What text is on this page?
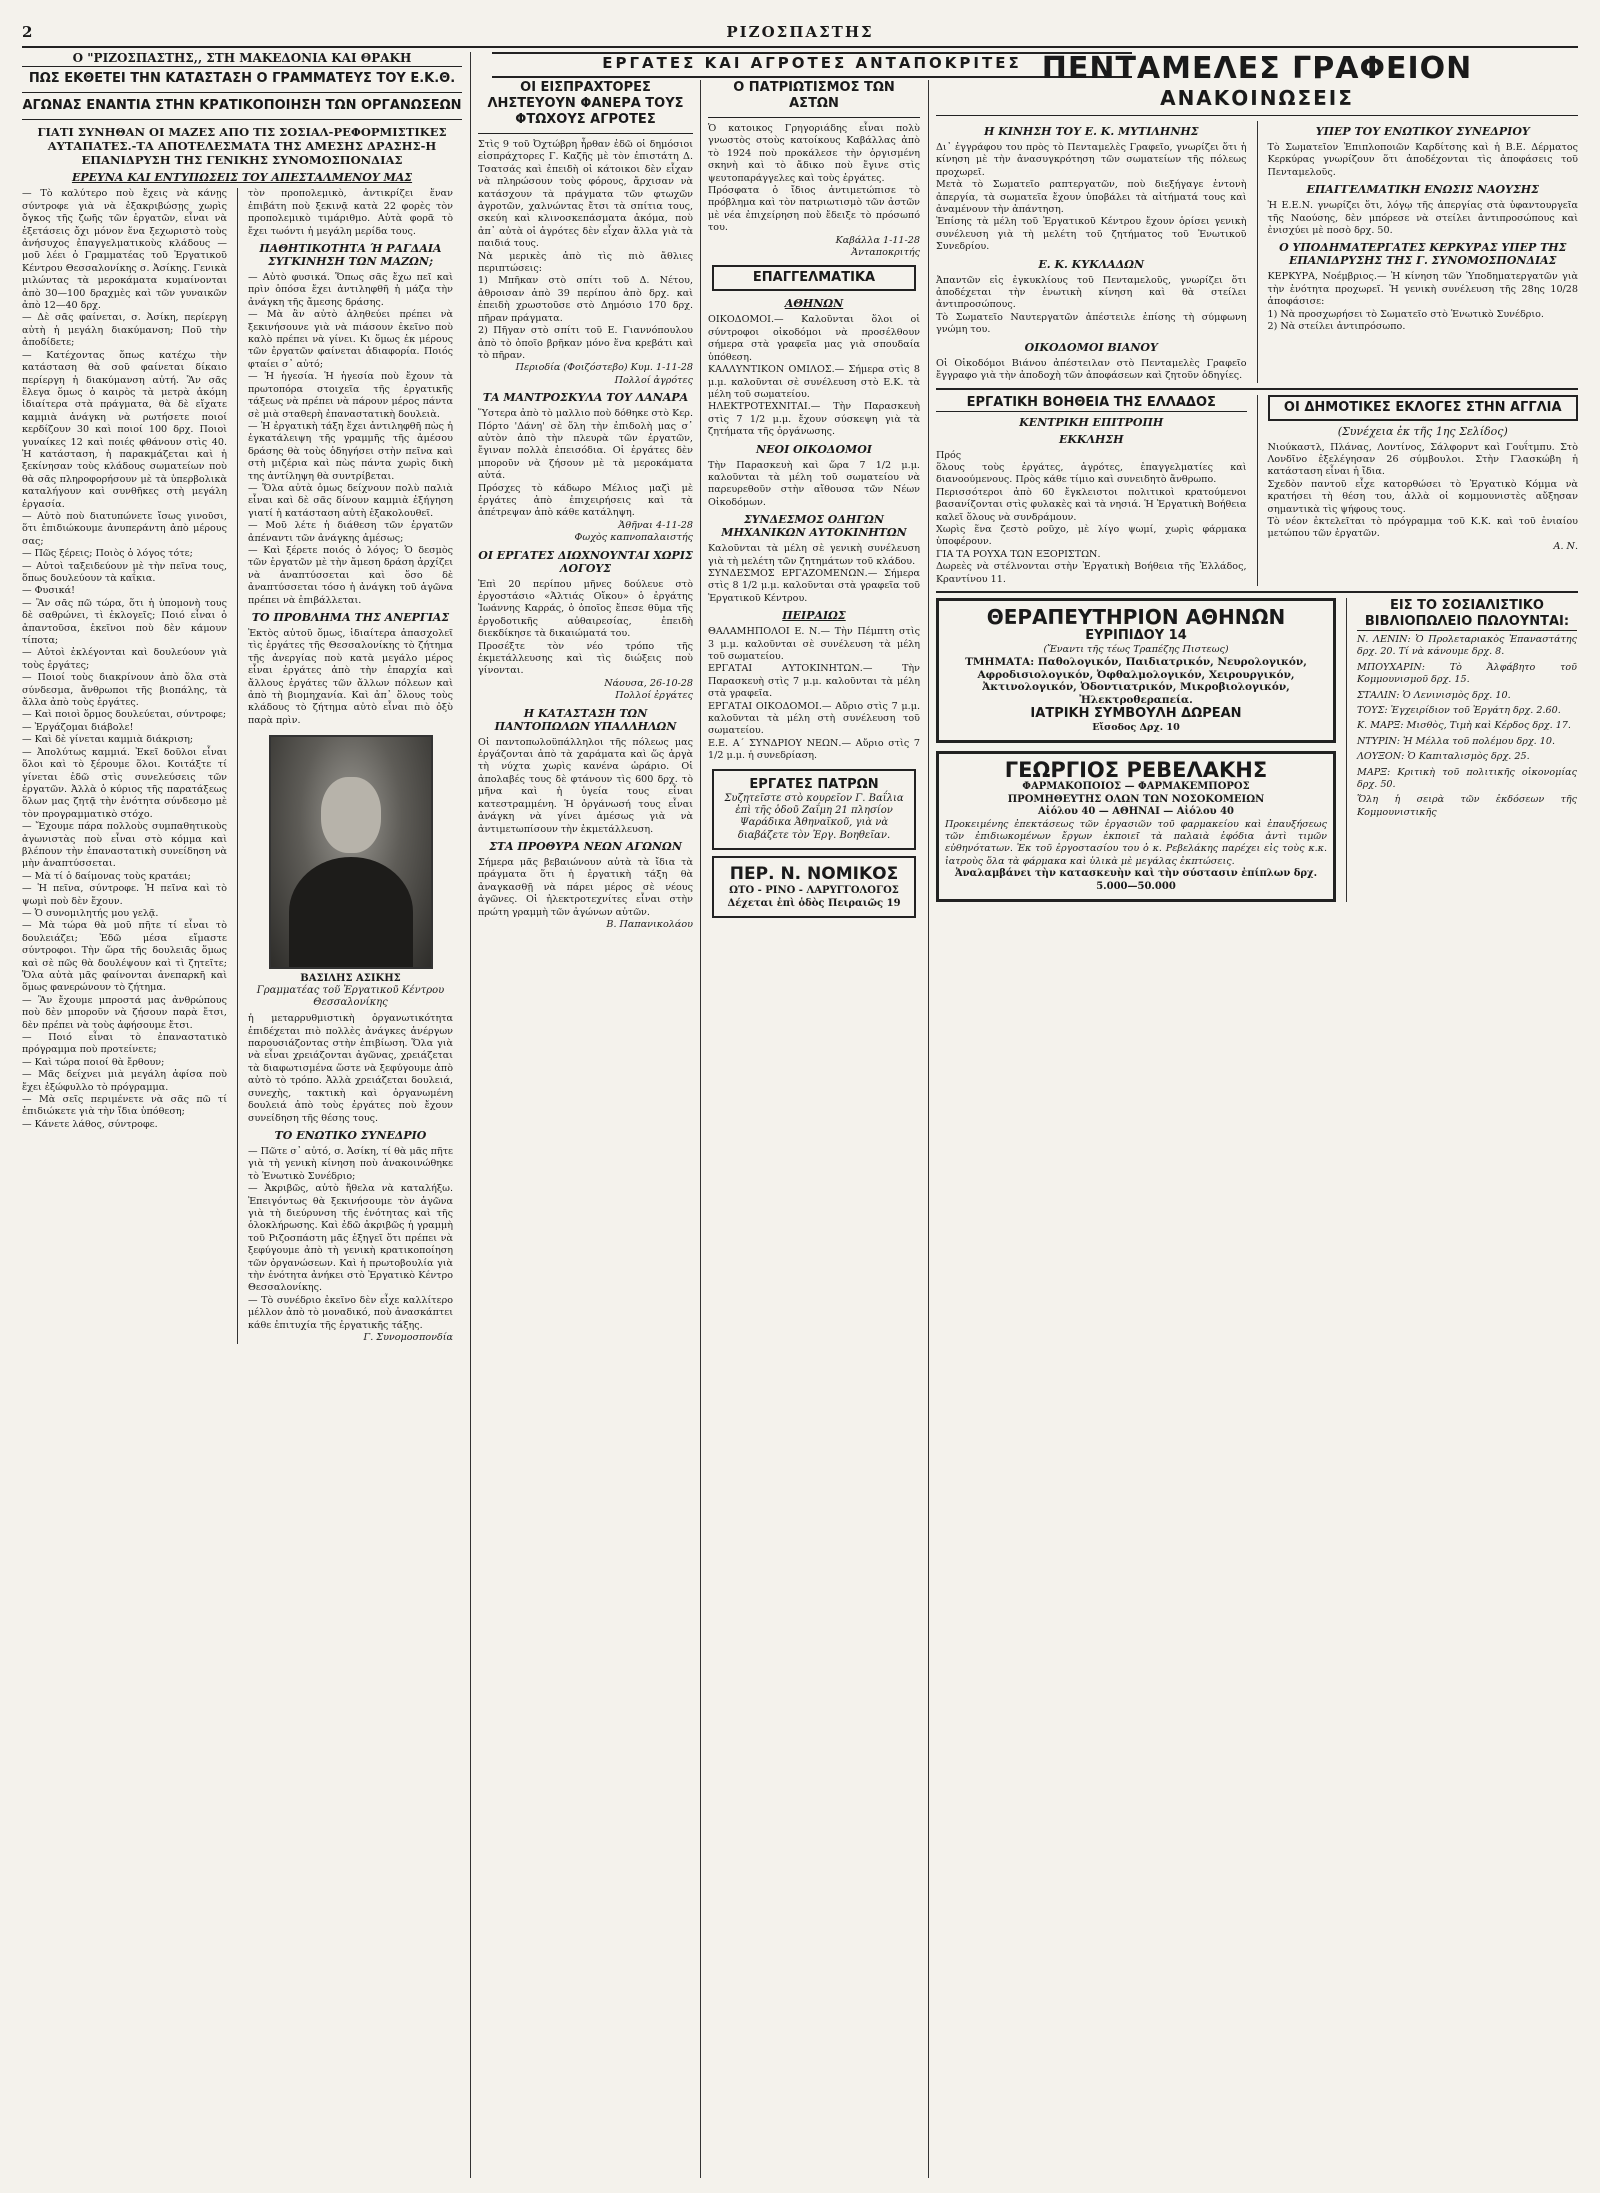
2	ΡΙΖΟΣΠΑΣΤΗΣ
ΕΡΓΑΤΕΣ ΚΑΙ ΑΓΡΟΤΕΣ ΑΝΤΑΠΟΚΡΙΤΕΣ
Ο "ΡΙΖΟΣΠΑΣΤΗΣ,, ΣΤΗ ΜΑΚΕΔΟΝΙΑ ΚΑΙ ΘΡΑΚΗ
ΠΩΣ ΕΚΘΕΤΕΙ ΤΗΝ ΚΑΤΑΣΤΑΣΗ Ο ΓΡΑΜΜΑΤΕΥΣ ΤΟΥ Ε.Κ.Θ.
ΑΓΩΝΑΣ ΕΝΑΝΤΙΑ ΣΤΗΝ ΚΡΑΤΙΚΟΠΟΙΗΣΗ ΤΩΝ ΟΡΓΑΝΩΣΕΩΝ
ΓΙΑΤΙ ΣΥΝΗΘΑΝ ΟΙ ΜΑΖΕΣ ΑΠΟ ΤΙΣ ΣΟΣΙΑΛ-ΡΕΦΟΡΜΙΣΤΙΚΕΣ ΑΥΤΑΠΑΤΕΣ.-ΤΑ ΑΠΟΤΕΛΕΣΜΑΤΑ ΤΗΣ ΑΜΕΣΗΣ ΔΡΑΣΗΣ-Η ΕΠΑΝΙΔΡΥΣΗ ΤΗΣ ΓΕΝΙΚΗΣ ΣΥΝΟΜΟΣΠΟΝΔΙΑΣ
ΕΡΕΥΝΑ ΚΑΙ ΕΝΤΥΠΩΣΕΙΣ ΤΟΥ ΑΠΕΣΤΑΛΜΕΝΟΥ ΜΑΣ
— Τὸ καλύτερο ποὺ ἔχεις νὰ κάνῃς σύντροφε γιὰ νὰ ἐξακριβώσῃς χωρὶς ὄγκος τῆς ζωῆς τῶν ἐργατῶν, εἶναι νὰ ἐξετάσεις ὄχι μόνον ἕνα ξεχωριστὸ τοὺς ἀνήσυχος ἐπαγγελματικοὺς κλάδους — μοῦ λέει ὁ Γραμματέας τοῦ Ἐργατικοῦ Κέντρου Θεσσαλονίκης σ. Ἀσίκης. Γενικὰ μιλώντας τὰ μεροκάματα κυμαίνονται ἀπὸ 30—100 δραχμὲς καὶ τῶν γυναικῶν ἀπὸ 12—40 δρχ.
— Δὲ σᾶς φαίνεται, σ. Ἀσίκη, περίεργη αὐτὴ ἡ μεγάλη διακύμανση; Ποῦ τὴν ἀποδίδετε;
— Κατέχοντας ὅπως κατέχω τὴν κατάσταση θὰ σοῦ φαίνεται δίκαιο περίεργη ἡ διακύμανση αὐτή. Ἂν σᾶς ἔλεγα ὅμως ὁ καιρὸς τὰ μετρὰ ἀκόμη ἰδιαίτερα στὰ πράγματα, θὰ δὲ εἴχατε καμμιὰ ἀνάγκη νὰ ρωτήσετε ποιοί κερδίζουν 30 καὶ ποιοί 100 δρχ. Ποιοὶ γυναίκες 12 καὶ ποιές φθάνουν στὶς 40. Ἡ κατάσταση, ἡ παρακμάζεται καὶ ἡ ξεκίνησαν τοὺς κλάδους σωματείων ποὺ θὰ σᾶς πληροφορήσουν μὲ τὰ ὑπερβολικὰ καταλήγουν καὶ συνθῆκες στὴ μεγάλη ἐργασία.
— Αὐτὸ ποὺ διατυπώνετε ἴσως γινοῦσι, ὅτι ἐπιδιώκουμε ἀνυπεράντη ἀπὸ μέρους σας;
— Πῶς ξέρεις; Ποιὸς ὁ λόγος τότε;
— Αὐτοὶ ταξειδεύουν μὲ τὴν πεῖνα τους, ὅπως δουλεύουν τὰ καΐκια.
— Φυσικά!
— Ἂν σᾶς πῶ τώρα, ὅτι ἡ ὑπομονὴ τους δὲ σαθρώνει, τὶ ἐκλογεῖς; Ποιό εἶναι ὁ ἀπαντοῦσα, ἐκεῖνοι ποὺ δὲν κάμουν τίποτα;
— Αὐτοὶ ἐκλέγονται καὶ δουλεύουν γιὰ τοὺς ἐργάτες;
— Ποιοί τοὺς διακρίνουν ἀπὸ ὅλα στὰ σύνδεσμα, ἄνθρωποι τῆς βιοπάλης, τὰ ἄλλα ἀπὸ τοὺς ἐργάτες.
— Καὶ ποιοὶ ὅρμος δουλεύεται, σύντροφε;
— Ἐργάζομαι διάβολε!
— Καὶ δὲ γίνεται καμμιὰ διάκριση;
— Ἀπολύτως καμμιά. Ἐκεῖ δοῦλοι εἶναι ὅλοι καὶ τὸ ξέρουμε ὅλοι. Κοιτάξτε τί γίνεται ἐδῶ στὶς συνελεύσεις τῶν ἐργατῶν. Ἀλλὰ ὁ κύριος τῆς παρατάξεως ὅλων μας ζητᾷ τὴν ἑνότητα σύνδεσμο μὲ τὸν προγραμματικὸ στόχο.
— Ἔχουμε πάρα πολλοὺς συμπαθητικοὺς ἀγωνιστὰς ποὺ εἶναι στὸ κόμμα καὶ βλέπουν τὴν ἐπαναστατικὴ συνείδηση νὰ μὴν ἀναπτύσσεται.
— Μὰ τί ὁ δαίμονας τοὺς κρατάει;
— Ἡ πεῖνα, σύντροφε. Ἡ πεῖνα καὶ τὸ ψωμὶ ποὺ δὲν ἔχουν.
— Ὁ συνομιλητής μου γελᾷ.
— Μὰ τώρα θὰ μοῦ πῆτε τί εἶναι τὸ δουλειάζει; Ἐδῶ μέσα εἴμαστε σύντροφοι. Τὴν ὥρα τῆς δουλειᾶς ὅμως καὶ σὲ πῶς θὰ δουλέψουν καὶ τὶ ζητεῖτε; Ὅλα αὐτὰ μᾶς φαίνονται ἀνεπαρκῆ καὶ ὅμως φανερώνουν τὸ ζήτημα.
— Ἂν ἔχουμε μπροστά μας ἀνθρώπους ποὺ δὲν μποροῦν νὰ ζήσουν παρὰ ἔτσι, δὲν πρέπει νὰ τοὺς ἀφήσουμε ἔτσι.
— Ποιό εἶναι τὸ ἐπαναστατικὸ πρόγραμμα ποὺ προτείνετε;
— Καὶ τώρα ποιοί θὰ ἔρθουν;
— Μᾶς δείχνει μιὰ μεγάλη ἀφίσα ποὺ ἔχει ἐξώφυλλο τὸ πρόγραμμα.
— Μὰ σεῖς περιμένετε νὰ σᾶς πῶ τί ἐπιδιώκετε γιὰ τὴν ἴδια ὑπόθεση;
— Κάνετε λάθος, σύντροφε.
τὸν προπολεμικὸ, ἀντικρίζει ἕναν ἐπιβάτη ποὺ ξεκινᾷ κατὰ 22 φορὲς τὸν προπολεμικὸ τιμάριθμο. Αὐτὰ φορᾶ τὸ ἔχει τωόντι ἡ μεγάλη μερίδα τους.
ΠΑΘΗΤΙΚΟΤΗΤΑ Ή ΡΑΓΔΑΙΑ ΣΥΓΚΙΝΗΣΗ ΤΩΝ ΜΑΖΩΝ;
— Αὐτὸ φυσικά. Ὅπως σᾶς ἔχω πεῖ καὶ πρὶν ὁπόσα ἔχει ἀντιληφθῆ ἡ μάζα τὴν ἀνάγκη τῆς ἄμεσης δράσης.
— Μὰ ἂν αὐτὸ ἀληθεύει πρέπει νὰ ξεκινήσουνε γιὰ νὰ πιάσουν ἐκεῖνο ποὺ καλὸ πρέπει νὰ γίνει. Κι ὅμως ἐκ μέρους τῶν ἐργατῶν φαίνεται ἀδιαφορία. Ποιός φταίει σ᾽ αὐτό;
— Ἡ ἡγεσία. Ἡ ἡγεσία ποὺ ἔχουν τὰ πρωτοπόρα στοιχεῖα τῆς ἐργατικῆς τάξεως νὰ πρέπει νὰ πάρουν μέρος πάντα σὲ μιὰ σταθερὴ ἐπαναστατικὴ δουλειὰ.
— Ἡ ἐργατικὴ τάξη ἔχει ἀντιληφθῆ πὼς ἡ ἐγκατάλειψη τῆς γραμμῆς τῆς ἀμέσου δράσης θὰ τοὺς ὁδηγήσει στὴν πεῖνα καὶ στὴ μιζέρια καὶ πὼς πάντα χωρὶς δικὴ της ἀντίληψη θὰ συντρίβεται.
— Ὅλα αὐτὰ ὁμως δείχνουν πολὺ παλιὰ εἶναι καὶ δὲ σᾶς δίνουν καμμιὰ ἐξήγηση γιατί ἡ κατάσταση αὐτὴ ἐξακολουθεῖ.
— Μοῦ λέτε ἡ διάθεση τῶν ἐργατῶν ἀπέναντι τῶν ἀνάγκης ἀμέσως;
— Καὶ ξέρετε ποιός ὁ λόγος; Ὁ δεσμὸς τῶν ἐργατῶν μὲ τὴν ἄμεση δράση ἀρχίζει νὰ ἀναπτύσσεται καὶ ὅσο δὲ ἀναπτύσσεται τόσο ἡ ἀνάγκη τοῦ ἀγῶνα πρέπει νὰ ἐπιβάλλεται.
ΤΟ ΠΡΟΒΛΗΜΑ ΤΗΣ ΑΝΕΡΓΙΑΣ
Ἐκτὸς αὐτοῦ ὅμως, ἰδιαίτερα ἀπασχολεῖ τὶς ἐργάτες τῆς Θεσσαλονίκης τὸ ζήτημα τῆς ἀνεργίας ποὺ κατὰ μεγάλο μέρος εἶναι ἐργάτες ἀπὸ τὴν ἐπαρχία καὶ ἄλλους ἐργάτες τῶν ἄλλων πόλεων καὶ ἀπὸ τὴ βιομηχανία. Καὶ ἀπ᾽ ὅλους τοὺς κλάδους τὸ ζήτημα αὐτὸ εἶναι πιὸ ὀξὺ παρὰ πρὶν.
ΒΑΣΙΛΗΣ ΑΣΙΚΗΣ
Γραμματέας τοῦ Ἐργατικοῦ Κέντρου Θεσσαλονίκης
ἡ μεταρρυθμιστικὴ ὀργανωτικότητα ἐπιδέχεται πιὸ πολλὲς ἀνάγκες ἀνέργων παρουσιάζοντας στὴν ἐπιβίωση. Ὅλα γιὰ νὰ εἶναι χρειάζονται ἀγῶνας, χρειάζεται τὰ διαφωτισμένα ὥστε νὰ ξεφύγουμε ἀπὸ αὐτὸ τὸ τρόπο. Ἀλλὰ χρειάζεται δουλειά, συνεχὴς, τακτικὴ καὶ ὀργανωμένη δουλειά ἀπὸ τοὺς ἐργάτες ποὺ ἔχουν συνείδηση τῆς θέσης τους.
ΤΟ ΕΝΩΤΙΚΟ ΣΥΝΕΔΡΙΟ
— Πῶτε σ᾽ αὐτό, σ. Ἀσίκη, τί θὰ μᾶς πῆτε γιὰ τὴ γενικὴ κίνηση ποὺ ἀνακοινώθηκε τὸ Ἑνωτικὸ Συνέδριο;
— Ἀκριβῶς, αὐτὸ ἤθελα νὰ καταλήξω. Ἐπειγόντως θὰ ξεκινήσουμε τὸν ἀγῶνα γιὰ τὴ διεύρυνση τῆς ἑνότητας καὶ τῆς ὁλοκλήρωσης. Καὶ ἐδῶ ἀκριβῶς ἡ γραμμὴ τοῦ Ριζοσπάστη μᾶς ἐξηγεῖ ὅτι πρέπει νὰ ξεφύγουμε ἀπὸ τὴ γενικὴ κρατικοποίηση τῶν ὀργανώσεων. Καὶ ἡ πρωτοβουλία γιὰ τὴν ἑνότητα ἀνήκει στὸ Ἐργατικὸ Κέντρο Θεσσαλονίκης.
— Τὸ συνέδριο ἐκεῖνο δὲν εἶχε καλλίτερο μέλλον ἀπὸ τὸ μοναδικό, ποὺ ἀνασκάπτει κάθε ἐπιτυχία τῆς ἐργατικῆς τάξης.
Γ. Συνομοσπονδία
ΟΙ ΕΙΣΠΡΑΧΤΟΡΕΣ ΛΗΣΤΕΥΟΥΝ ΦΑΝΕΡΑ ΤΟΥΣ ΦΤΩΧΟΥΣ ΑΓΡΟΤΕΣ
Στὶς 9 τοῦ Ὀχτώβρη ἦρθαν ἐδῶ οἱ δημόσιοι εἰσπράχτορες Γ. Καζῆς μὲ τὸν ἐπιστάτη Δ. Τσατσάς καὶ ἐπειδὴ οἱ κάτοικοι δὲν εἶχαν νὰ πληρώσουν τοὺς φόρους, ἄρχισαν νὰ κατάσχουν τὰ πράγματα τῶν φτωχῶν ἀγροτῶν, χαλνώντας ἔτσι τὰ σπίτια τους, σκεύη καὶ κλινοσκεπάσματα ἀκόμα, ποὺ ἀπ᾽ αὐτὰ οἱ ἀγρότες δὲν εἶχαν ἄλλα γιὰ τὰ παιδιά τους.
Νὰ μερικὲς ἀπὸ τὶς πιὸ ἄθλιες περιπτώσεις:
1) Μπῆκαν στὸ σπίτι τοῦ Δ. Νέτου, ἀθροισαν ἀπὸ 39 περίπου ἀπὸ δρχ. καὶ ἐπειδὴ χρωστοῦσε στὸ Δημόσιο 170 δρχ. πῆραν πράγματα.
2) Πῆγαν στὸ σπίτι τοῦ Ε. Γιαννόπουλου ἀπὸ τὸ ὁποῖο βρῆκαν μόνο ἕνα κρεβάτι καὶ τὸ πῆραν.
Περιοδία (Φοιζόστεβο) Κυμ. 1-11-28
Πολλοί ἀγρότες
ΤΑ ΜΑΝΤΡΟΣΚΥΛΑ ΤΟΥ ΛΑΝΑΡΑ
Ὕστερα ἀπὸ τὸ μαλλιο ποὺ δόθηκε στὸ Κερ. Πόρτο 'Δάνη' σὲ ὅλη τὴν ἐπιδολὴ μας σ᾽ αὐτὸν ἀπὸ τὴν πλευρὰ τῶν ἐργατῶν, ἔγιναν πολλὰ ἐπεισόδια. Οἱ ἐργάτες δὲν μποροῦν νὰ ζήσουν μὲ τὰ μεροκάματα αὐτά.
Πρόσχες τὸ κάδωρο Μέλιος μαζὶ μὲ ἐργάτες ἀπὸ ἐπιχειρήσεις καὶ τὰ ἀπέτρεψαν ἀπὸ κάθε κατάληψη.
Ἀθῆναι 4-11-28
Φωχὸς καπνοπαλαιστής
ΟΙ ΕΡΓΑΤΕΣ ΔΙΩΧΝΟΥΝΤΑΙ ΧΩΡΙΣ ΛΟΓΟΥΣ
Ἐπὶ 20 περίπου μῆνες δούλευε στὸ ἐργοστάσιο «Ἀλτιάς Οἴκου» ὁ ἐργάτης Ἰωάννης Καρράς, ὁ ὁποῖος ἔπεσε θῦμα τῆς ἐργοδοτικῆς αὐθαιρεσίας, ἐπειδὴ διεκδίκησε τὰ δικαιώματά του.
Προσέξτε τὸν νέο τρόπο τῆς ἐκμετάλλευσης καὶ τὶς διώξεις ποὺ γίνονται.
Νάουσα, 26-10-28
Πολλοί ἐργάτες
Η ΚΑΤΑΣΤΑΣΗ ΤΩΝ ΠΑΝΤΟΠΩΛΩΝ ΥΠΑΛΛΗΛΩΝ
Οἱ παντοπωλοϋπάλληλοι τῆς πόλεως μας ἐργάζονται ἀπὸ τὰ χαράματα καὶ ὥς ἀργὰ τὴ νύχτα χωρὶς κανένα ὡράριο. Οἱ ἀπολαβές τους δὲ φτάνουν τὶς 600 δρχ. τὸ μῆνα καὶ ἡ ὑγεία τους εἶναι κατεστραμμένη. Ἡ ὀργάνωσή τους εἶναι ἀνάγκη νὰ γίνει ἀμέσως γιὰ νὰ ἀντιμετωπίσουν τὴν ἐκμετάλλευση.
ΣΤΑ ΠΡΟΘΥΡΑ ΝΕΩΝ ΑΓΩΝΩΝ
Σήμερα μᾶς βεβαιώνουν αὐτὰ τὰ ἴδια τὰ πράγματα ὅτι ἡ ἐργατικὴ τάξη θὰ ἀναγκασθῇ νὰ πάρει μέρος σὲ νέους ἀγῶνες. Οἱ ἠλεκτροτεχνίτες εἶναι στὴν πρώτη γραμμὴ τῶν ἀγώνων αὐτῶν.
Β. Παπανικολάου
Ο ΠΑΤΡΙΩΤΙΣΜΟΣ ΤΩΝ ΑΣΤΩΝ
Ὁ κατοικος Γρηγοριάδης εἶναι πολὺ γνωστὸς στοὺς κατοίκους Καβάλλας ἀπὸ τὸ 1924 ποὺ προκάλεσε τὴν ὀργισμένη σκηνὴ καὶ τὸ ἄδικο ποὺ ἔγινε στὶς ψευτοπαράγγελες καὶ τοὺς ἐργάτες.
Πρόσφατα ὁ ἴδιος ἀντιμετώπισε τὸ πρόβλημα καὶ τὸν πατριωτισμὸ τῶν ἀστῶν μὲ νέα ἐπιχείρηση ποὺ ἔδειξε τὸ πρόσωπό του.
Καβάλλα 1-11-28
Ἀνταποκριτής
ΕΠΑΓΓΕΛΜΑΤΙΚΑ
ΑΘΗΝΩΝ
ΟΙΚΟΔΟΜΟΙ.— Καλοῦνται ὅλοι οἱ σύντροφοι οἰκοδόμοι νὰ προσέλθουν σήμερα στὰ γραφεῖα μας γιὰ σπουδαία ὑπόθεση.
ΚΑΛΛΥΝΤΙΚΟΝ ΟΜΙΛΟΣ.— Σήμερα στὶς 8 μ.μ. καλοῦνται σὲ συνέλευση στὸ Ε.Κ. τὰ μέλη τοῦ σωματείου.
ΗΛΕΚΤΡΟΤΕΧΝΙΤΑΙ.— Τὴν Παρασκευὴ στὶς 7 1/2 μ.μ. ἔχουν σύσκεψη γιὰ τὰ ζητήματα τῆς ὀργάνωσης.
ΝΕΟΙ ΟΙΚΟΔΟΜΟΙ
Τὴν Παρασκευὴ καὶ ὥρα 7 1/2 μ.μ. καλοῦνται τὰ μέλη τοῦ σωματείου νὰ παρευρεθοῦν στὴν αἴθουσα τῶν Νέων Οἰκοδόμων.
ΣΥΝΔΕΣΜΟΣ ΟΔΗΓΩΝ ΜΗΧΑΝΙΚΩΝ ΑΥΤΟΚΙΝΗΤΩΝ
Καλοῦνται τὰ μέλη σὲ γενικὴ συνέλευση γιὰ τὴ μελέτη τῶν ζητημάτων τοῦ κλάδου.
ΣΥΝΔΕΣΜΟΣ ΕΡΓΑΖΟΜΕΝΩΝ.— Σήμερα στὶς 8 1/2 μ.μ. καλοῦνται στὰ γραφεῖα τοῦ Ἐργατικοῦ Κέντρου.
ΠΕΙΡΑΙΩΣ
ΘΑΛΑΜΗΠΟΛΟΙ Ε. Ν.— Τὴν Πέμπτη στὶς 3 μ.μ. καλοῦνται σὲ συνέλευση τὰ μέλη τοῦ σωματείου.
ΕΡΓΑΤΑΙ ΑΥΤΟΚΙΝΗΤΩΝ.— Τὴν Παρασκευὴ στὶς 7 μ.μ. καλοῦνται τὰ μέλη στὰ γραφεῖα.
ΕΡΓΑΤΑΙ ΟΙΚΟΔΟΜΟΙ.— Αὔριο στὶς 7 μ.μ. καλοῦνται τὰ μέλη στὴ συνέλευση τοῦ σωματείου.
Ε.Ε. Α΄ ΣΥΝΔΡΙΟΥ ΝΕΩΝ.— Αὔριο στὶς 7 1/2 μ.μ. ἡ συνεδρίαση.
ΕΡΓΑΤΕΣ ΠΑΤΡΩΝ
Συζητεῖστε στὸ κουρεῖον Γ. Βαΐλια ἐπὶ τῆς ὁδοῦ Ζαΐμη 21 πλησίον Ψαράδικα Ἀθηναϊκοῦ, γιὰ νὰ διαβάζετε τὸν Ἐργ. Βοηθεῖαν.
ΠΕΡ. Ν. ΝΟΜΙΚΟΣ
ΩΤΟ - ΡΙΝΟ - ΛΑΡΥΓΓΟΛΟΓΟΣ Δέχεται ἐπὶ ὁδὸς Πειραιῶς 19
ΠΕΝΤΑΜΕΛΕΣ ΓΡΑΦΕΙΟΝ
ΑΝΑΚΟΙΝΩΣΕΙΣ
Η ΚΙΝΗΣΗ ΤΟΥ Ε. Κ. ΜΥΤΙΛΗΝΗΣ
Δι᾽ ἐγγράφου του πρὸς τὸ Πενταμελὲς Γραφεῖο, γνωρίζει ὅτι ἡ κίνηση μὲ τὴν ἀνασυγκρότηση τῶν σωματείων τῆς πόλεως προχωρεῖ.
Μετὰ τὸ Σωματεῖο ραπτεργατῶν, ποὺ διεξήγαγε ἐντονὴ ἀπεργία, τὰ σωματεῖα ἔχουν ὑποβάλει τὰ αἰτήματά τους καὶ ἀναμένουν τὴν ἀπάντηση.
Ἐπίσης τὰ μέλη τοῦ Ἐργατικοῦ Κέντρου ἔχουν ὁρίσει γενικὴ συνέλευση γιὰ τὴ μελέτη τοῦ ζητήματος τοῦ Ἑνωτικοῦ Συνεδρίου.
Ε. Κ. ΚΥΚΛΑΔΩΝ
Ἀπαντῶν εἰς ἐγκυκλίους τοῦ Πενταμελοῦς, γνωρίζει ὅτι ἀποδέχεται τὴν ἑνωτικὴ κίνηση καὶ θὰ στείλει ἀντιπροσώπους.
Τὸ Σωματεῖο Ναυτεργατῶν ἀπέστειλε ἐπίσης τὴ σύμφωνη γνώμη του.
ΟΙΚΟΔΟΜΟΙ ΒΙΑΝΟΥ
Οἱ Οἰκοδόμοι Βιάνου ἀπέστειλαν στὸ Πενταμελὲς Γραφεῖο ἔγγραφο γιὰ τὴν ἀποδοχὴ τῶν ἀποφάσεων καὶ ζητοῦν ὁδηγίες.
ΥΠΕΡ ΤΟΥ ΕΝΩΤΙΚΟΥ ΣΥΝΕΔΡΙΟΥ
Τὸ Σωματεῖον Ἐπιπλοποιῶν Καρδίτσης καὶ ἡ Β.Ε. Δέρματος Κερκύρας γνωρίζουν ὅτι ἀποδέχονται τὶς ἀποφάσεις τοῦ Πενταμελοῦς.
ΕΠΑΓΓΕΛΜΑΤΙΚΗ ΕΝΩΣΙΣ ΝΑΟΥΣΗΣ
Ἡ Ε.Ε.Ν. γνωρίζει ὅτι, λόγῳ τῆς ἀπεργίας στὰ ὑφαντουργεῖα τῆς Ναούσης, δὲν μπόρεσε νὰ στείλει ἀντιπροσώπους καὶ ἐνισχύει μὲ ποσὸ δρχ. 50.
Ο ΥΠΟΔΗΜΑΤΕΡΓΑΤΕΣ ΚΕΡΚΥΡΑΣ ΥΠΕΡ ΤΗΣ ΕΠΑΝΙΔΡΥΣΗΣ ΤΗΣ Γ. ΣΥΝΟΜΟΣΠΟΝΔΙΑΣ
ΚΕΡΚΥΡΑ, Νοέμβριος.— Ἡ κίνηση τῶν Ὑποδηματεργατῶν γιὰ τὴν ἑνότητα προχωρεῖ. Ἡ γενικὴ συνέλευση τῆς 28ης 10/28 ἀποφάσισε:
1) Νὰ προσχωρήσει τὸ Σωματεῖο στὸ Ἑνωτικὸ Συνέδριο.
2) Νὰ στείλει ἀντιπρόσωπο.
ΕΡΓΑΤΙΚΗ ΒΟΗΘΕΙΑ ΤΗΣ ΕΛΛΑΔΟΣ
ΚΕΝΤΡΙΚΗ ΕΠΙΤΡΟΠΗ
ΕΚΚΛΗΣΗ
Πρός
ὅλους τοὺς ἐργάτες, ἀγρότες, ἐπαγγελματίες καὶ διανοούμενους. Πρὸς κάθε τίμιο καὶ συνειδητὸ ἄνθρωπο.
Περισσότεροι ἀπὸ 60 ἔγκλειστοι πολιτικοὶ κρατούμενοι βασανίζονται στὶς φυλακὲς καὶ τὰ νησιά. Ἡ Ἐργατικὴ Βοήθεια καλεῖ ὅλους νὰ συνδράμουν.
Χωρὶς ἕνα ζεστὸ ροῦχο, μὲ λίγο ψωμί, χωρὶς φάρμακα ὑποφέρουν.
ΓΙΑ ΤΑ ΡΟΥΧΑ ΤΩΝ ΕΞΟΡΙΣΤΩΝ.
Δωρεὲς νὰ στέλνονται στὴν Ἐργατικὴ Βοήθεια τῆς Ἑλλάδος, Κραντίνου 11.
ΟΙ ΔΗΜΟΤΙΚΕΣ ΕΚΛΟΓΕΣ ΣΤΗΝ ΑΓΓΛΙΑ
(Συνέχεια ἐκ τῆς 1ης Σελίδος)
Νιούκαστλ, Πλάνας, Λοντίνος, Σάλφορντ καὶ Γουΐτμπυ. Στὸ Λονδῖνο ἐξελέγησαν 26 σύμβουλοι. Στὴν Γλασκώβη ἡ κατάσταση εἶναι ἡ ἴδια.
Σχεδὸν παντοῦ εἶχε κατορθώσει τὸ Ἐργατικὸ Κόμμα νὰ κρατήσει τὴ θέση του, ἀλλὰ οἱ κομμουνιστὲς αὔξησαν σημαντικὰ τὶς ψήφους τους.
Τὸ νέον ἐκτελεῖται τὸ πρόγραμμα τοῦ Κ.Κ. καὶ τοῦ ἐνιαίου μετώπου τῶν ἐργατῶν.
Α. Ν.
ΘΕΡΑΠΕΥΤΗΡΙΟΝ ΑΘΗΝΩΝ
ΕΥΡΙΠΙΔΟΥ 14
(Ἔναντι τῆς τέως Τραπέζης Πιστεως)
ΤΜΗΜΑΤΑ: Παθολογικόν, Παιδιατρικόν, Νευρολογικόν, Αφροδισιολογικόν, Ὀφθαλμολογικόν, Χειρουργικόν, Ἀκτινολογικόν, Ὀδοντιατρικόν, Μικροβιολογικόν, Ἠλεκτροθεραπεία.
ΙΑΤΡΙΚΗ ΣΥΜΒΟΥΛΗ ΔΩΡΕΑΝ
Εἴσοδος Δρχ. 10
ΓΕΩΡΓΙΟΣ ΡΕΒΕΛΑΚΗΣ
ΦΑΡΜΑΚΟΠΟΙΟΣ — ΦΑΡΜΑΚΕΜΠΟΡΟΣ
ΠΡΟΜΗΘΕΥΤΗΣ ΟΛΩΝ ΤΩΝ ΝΟΣΟΚΟΜΕΙΩΝ
Αἰόλου 40 — ΑΘΗΝΑΙ — Αἰόλου 40
Προκειμένης ἐπεκτάσεως τῶν ἐργασιῶν τοῦ φαρμακείου καὶ ἐπαυξήσεως τῶν ἐπιδιωκομένων ἔργων ἐκποιεῖ τὰ παλαιὰ ἐφόδια ἀντὶ τιμῶν εὐθηνότατων. Ἐκ τοῦ ἐργοστασίου του ὁ κ. Ρεβελάκης παρέχει εἰς τοὺς κ.κ. ἰατροὺς ὅλα τὰ φάρμακα καὶ ὑλικὰ μὲ μεγάλας ἐκπτώσεις.
Ἀναλαμβάνει τὴν κατασκευὴν καὶ τὴν σύστασιν ἐπίπλων δρχ. 5.000—50.000
ΕΙΣ ΤΟ ΣΟΣΙΑΛΙΣΤΙΚΟ ΒΙΒΛΙΟΠΩΛΕΙΟ ΠΩΛΟΥΝΤΑΙ:
Ν. ΛΕΝΙΝ: Ὁ Προλεταριακὸς Ἐπαναστάτης δρχ. 20. Τί νὰ κάνουμε δρχ. 8.
ΜΠΟΥΧΑΡΙΝ: Τὸ Ἀλφάβητο τοῦ Κομμουνισμοῦ δρχ. 15.
ΣΤΑΛΙΝ: Ὁ Λενινισμὸς δρχ. 10.
ΤΟΥΣ: Ἐγχειρίδιον τοῦ Ἐργάτη δρχ. 2.60.
Κ. ΜΑΡΞ: Μισθὸς, Τιμὴ καὶ Κέρδος δρχ. 17.
ΝΤΥΡΙΝ: Ἡ Μέλλα τοῦ πολέμου δρχ. 10.
ΛΟΥΞΟΝ: Ὁ Καπιταλισμὸς δρχ. 25.
ΜΑΡΞ: Κριτικὴ τοῦ πολιτικῆς οἰκονομίας δρχ. 50.
Ὅλη ἡ σειρὰ τῶν ἐκδόσεων τῆς Κομμουνιστικῆς
